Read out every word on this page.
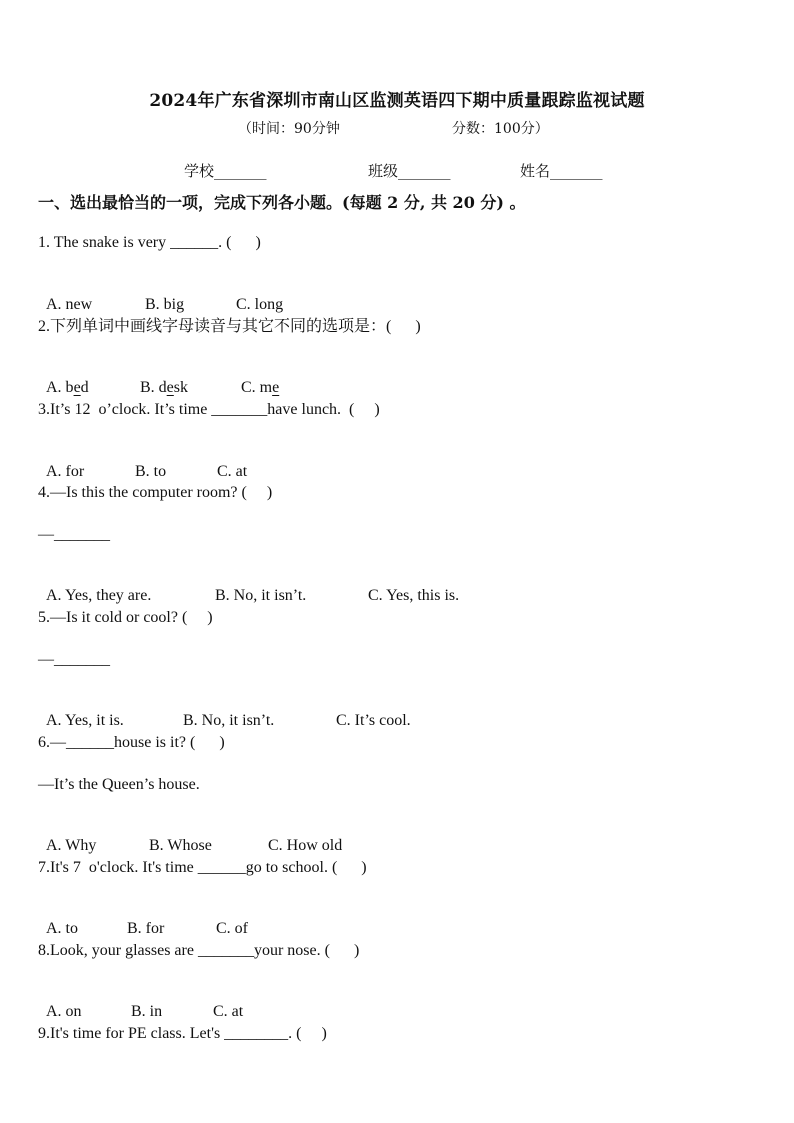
2024年广东省深圳市南山区监测英语四下期中质量跟踪监视试题
（时间：90分钟	分数：100分）
学校_______	班级_______	姓名_______
一、选出最恰当的一项，完成下列各小题。(每题 2 分, 共 20 分) 。
1. The snake is very ______. (      )

A. new	B. big	C. long

2.下列单词中画线字母读音与其它不同的选项是：(      )

A. bed	B. desk	C. me

3.It’s 12  o’clock. It’s time _______have lunch.  (     )

A. for	B. to	C. at

4.—Is this the computer room? (     )
—_______

A. Yes, they are.	B. No, it isn’t.	C. Yes, this is.

5.—Is it cold or cool? (     )
—_______

A. Yes, it is.	B. No, it isn’t.	C. It’s cool.

6.—______house is it? (      )
—It’s the Queen’s house.

A. Why	B. Whose	C. How old

7.It's 7  o'clock. It's time ______go to school. (      )

A. to	B. for	C. of

8.Look, your glasses are _______your nose. (      )

A. on	B. in	C. at

9.It's time for PE class. Let's ________. (     )
